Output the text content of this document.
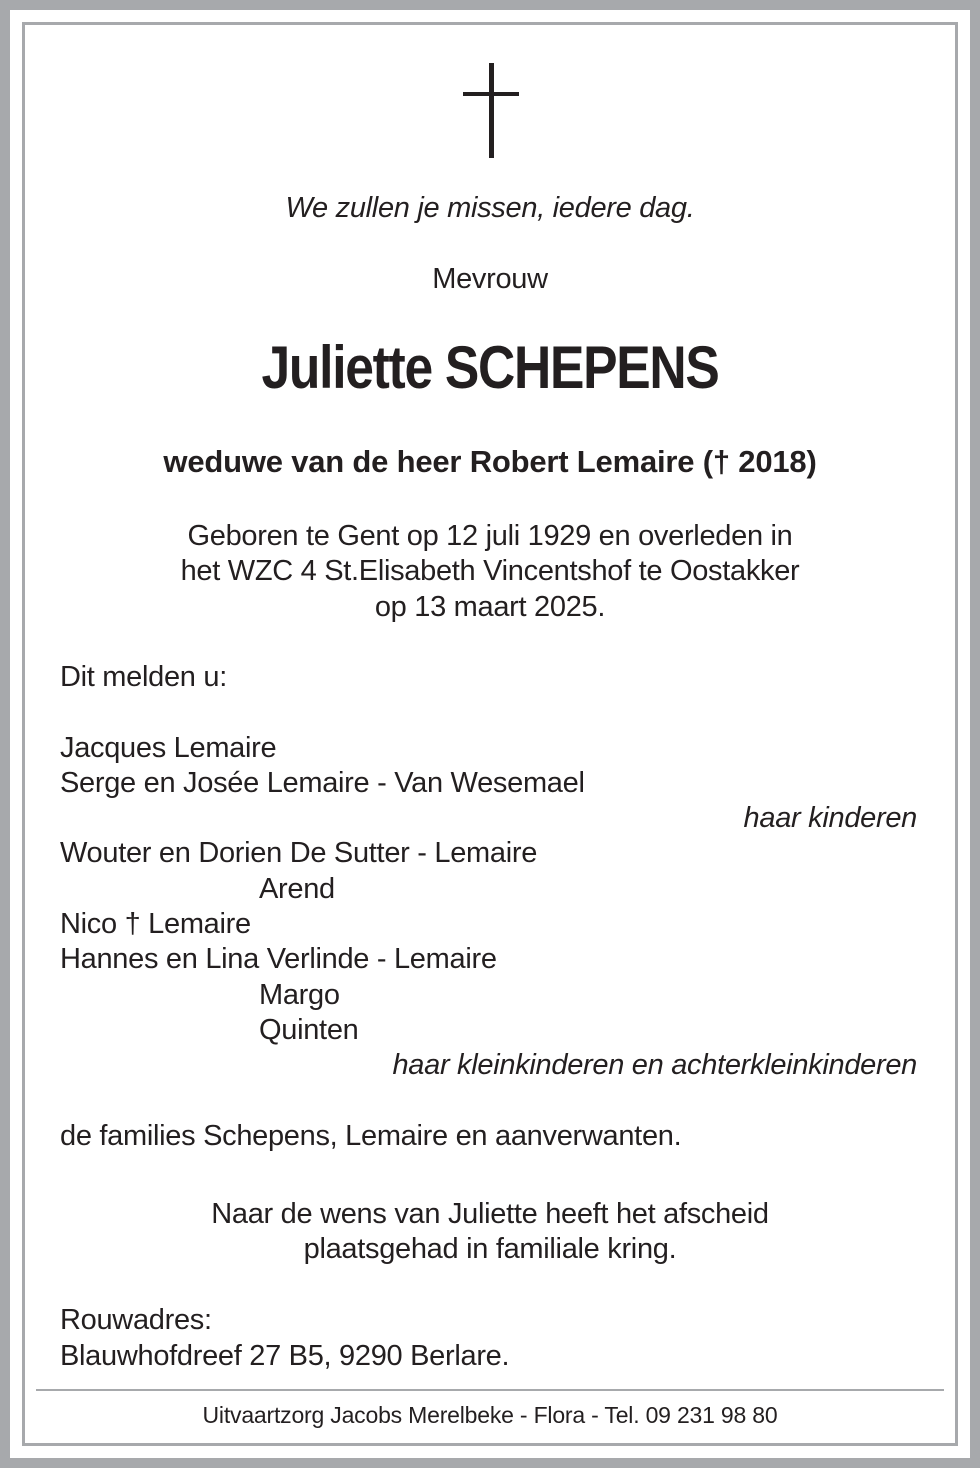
We zullen je missen, iedere dag.
Mevrouw
Juliette SCHEPENS
weduwe van de heer Robert Lemaire († 2018)
Geboren te Gent op 12 juli 1929 en overleden in
het WZC 4 St.Elisabeth Vincentshof te Oostakker
op 13 maart 2025.
Dit melden u:
Jacques Lemaire
Serge en Josée Lemaire - Van Wesemael
haar kinderen
Wouter en Dorien De Sutter - Lemaire
Arend
Nico † Lemaire
Hannes en Lina Verlinde - Lemaire
Margo
Quinten
haar kleinkinderen en achterkleinkinderen
de families Schepens, Lemaire en aanverwanten.
Naar de wens van Juliette heeft het afscheid
plaatsgehad in familiale kring.
Rouwadres:
Blauwhofdreef 27 B5, 9290 Berlare.
Uitvaartzorg Jacobs Merelbeke - Flora - Tel. 09 231 98 80
